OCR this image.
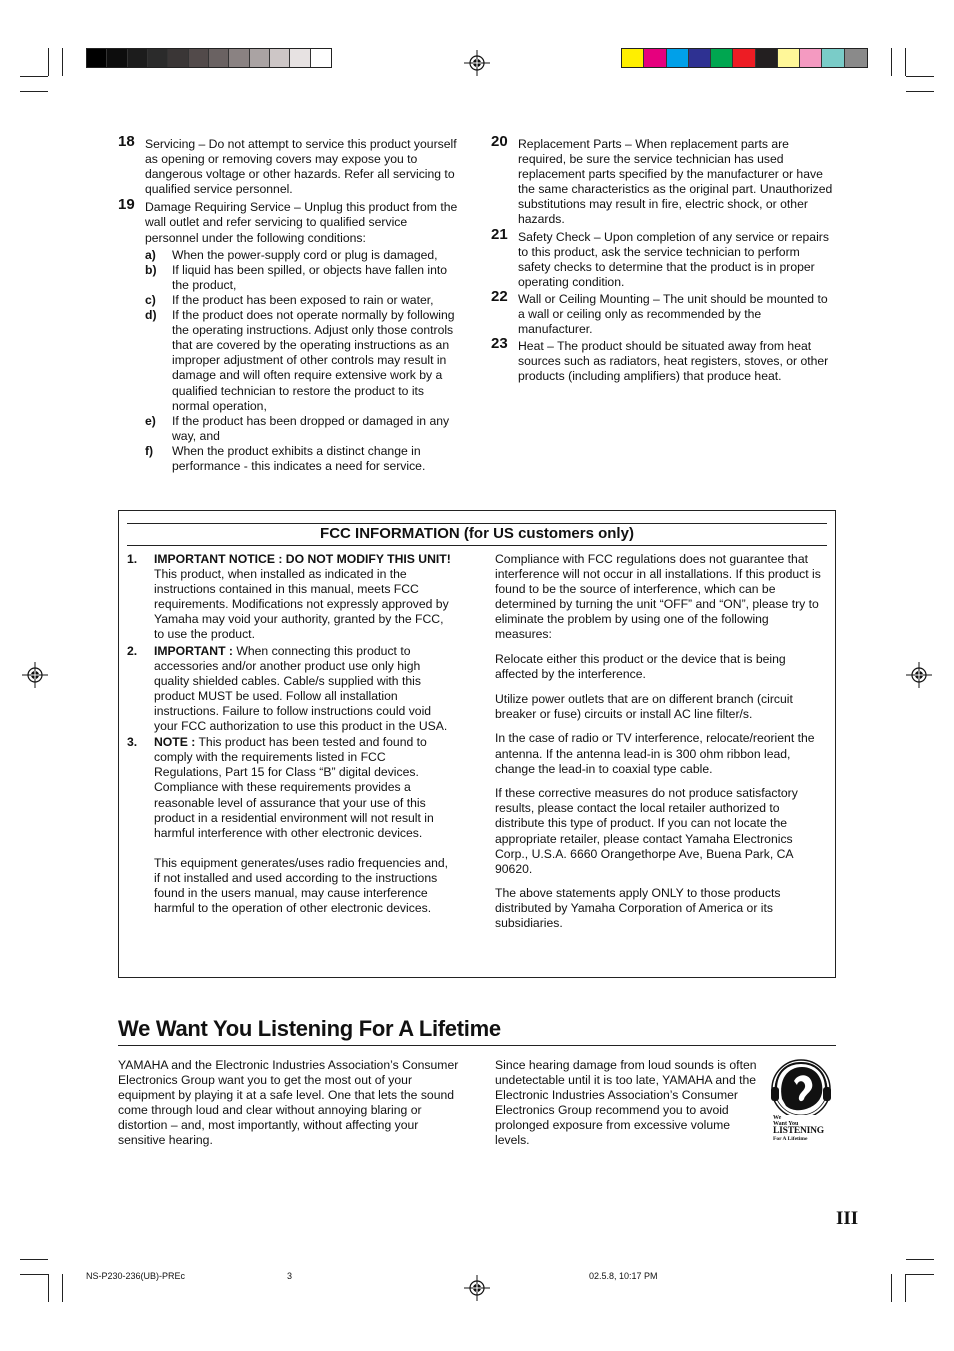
18 Servicing – Do not attempt to service this product yourself as opening or removing covers may expose you to dangerous voltage or other hazards. Refer all servicing to qualified service personnel.
19 Damage Requiring Service – Unplug this product from the wall outlet and refer servicing to qualified service personnel under the following conditions:
a) When the power-supply cord or plug is damaged,
b) If liquid has been spilled, or objects have fallen into the product,
c) If the product has been exposed to rain or water,
d) If the product does not operate normally by following the operating instructions. Adjust only those controls that are covered by the operating instructions as an improper adjustment of other controls may result in damage and will often require extensive work by a qualified technician to restore the product to its normal operation,
e) If the product has been dropped or damaged in any way, and
f) When the product exhibits a distinct change in performance - this indicates a need for service.
20 Replacement Parts – When replacement parts are required, be sure the service technician has used replacement parts specified by the manufacturer or have the same characteristics as the original part. Unauthorized substitutions may result in fire, electric shock, or other hazards.
21 Safety Check – Upon completion of any service or repairs to this product, ask the service technician to perform safety checks to determine that the product is in proper operating condition.
22 Wall or Ceiling Mounting – The unit should be mounted to a wall or ceiling only as recommended by the manufacturer.
23 Heat – The product should be situated away from heat sources such as radiators, heat registers, stoves, or other products (including amplifiers) that produce heat.
FCC INFORMATION (for US customers only)
1. IMPORTANT NOTICE : DO NOT MODIFY THIS UNIT!
This product, when installed as indicated in the instructions contained in this manual, meets FCC requirements. Modifications not expressly approved by Yamaha may void your authority, granted by the FCC, to use the product.
2. IMPORTANT : When connecting this product to accessories and/or another product use only high quality shielded cables. Cable/s supplied with this product MUST be used. Follow all installation instructions. Failure to follow instructions could void your FCC authorization to use this product in the USA.
3. NOTE : This product has been tested and found to comply with the requirements listed in FCC Regulations, Part 15 for Class “B” digital devices. Compliance with these requirements provides a reasonable level of assurance that your use of this product in a residential environment will not result in harmful interference with other electronic devices.
This equipment generates/uses radio frequencies and, if not installed and used according to the instructions found in the users manual, may cause interference harmful to the operation of other electronic devices.

Compliance with FCC regulations does not guarantee that interference will not occur in all installations. If this product is found to be the source of interference, which can be determined by turning the unit “OFF” and “ON”, please try to eliminate the problem by using one of the following measures:

Relocate either this product or the device that is being affected by the interference.

Utilize power outlets that are on different branch (circuit breaker or fuse) circuits or install AC line filter/s.

In the case of radio or TV interference, relocate/reorient the antenna. If the antenna lead-in is 300 ohm ribbon lead, change the lead-in to coaxial type cable.

If these corrective measures do not produce satisfactory results, please contact the local retailer authorized to distribute this type of product. If you can not locate the appropriate retailer, please contact Yamaha Electronics Corp., U.S.A. 6660 Orangethorpe Ave, Buena Park, CA 90620.

The above statements apply ONLY to those products distributed by Yamaha Corporation of America or its subsidiaries.

We Want You Listening For A Lifetime
YAMAHA and the Electronic Industries Association’s Consumer Electronics Group want you to get the most out of your equipment by playing it at a safe level. One that lets the sound come through loud and clear without annoying blaring or distortion – and, most importantly, without affecting your sensitive hearing.
Since hearing damage from loud sounds is often undetectable until it is too late, YAMAHA and the Electronic Industries Association’s Consumer Electronics Group recommend you to avoid prolonged exposure from excessive volume levels.
We
Want You
LISTENING
For A Lifetime
III
NS-P230-236(UB)-PREc	3	02.5.8, 10:17 PM
